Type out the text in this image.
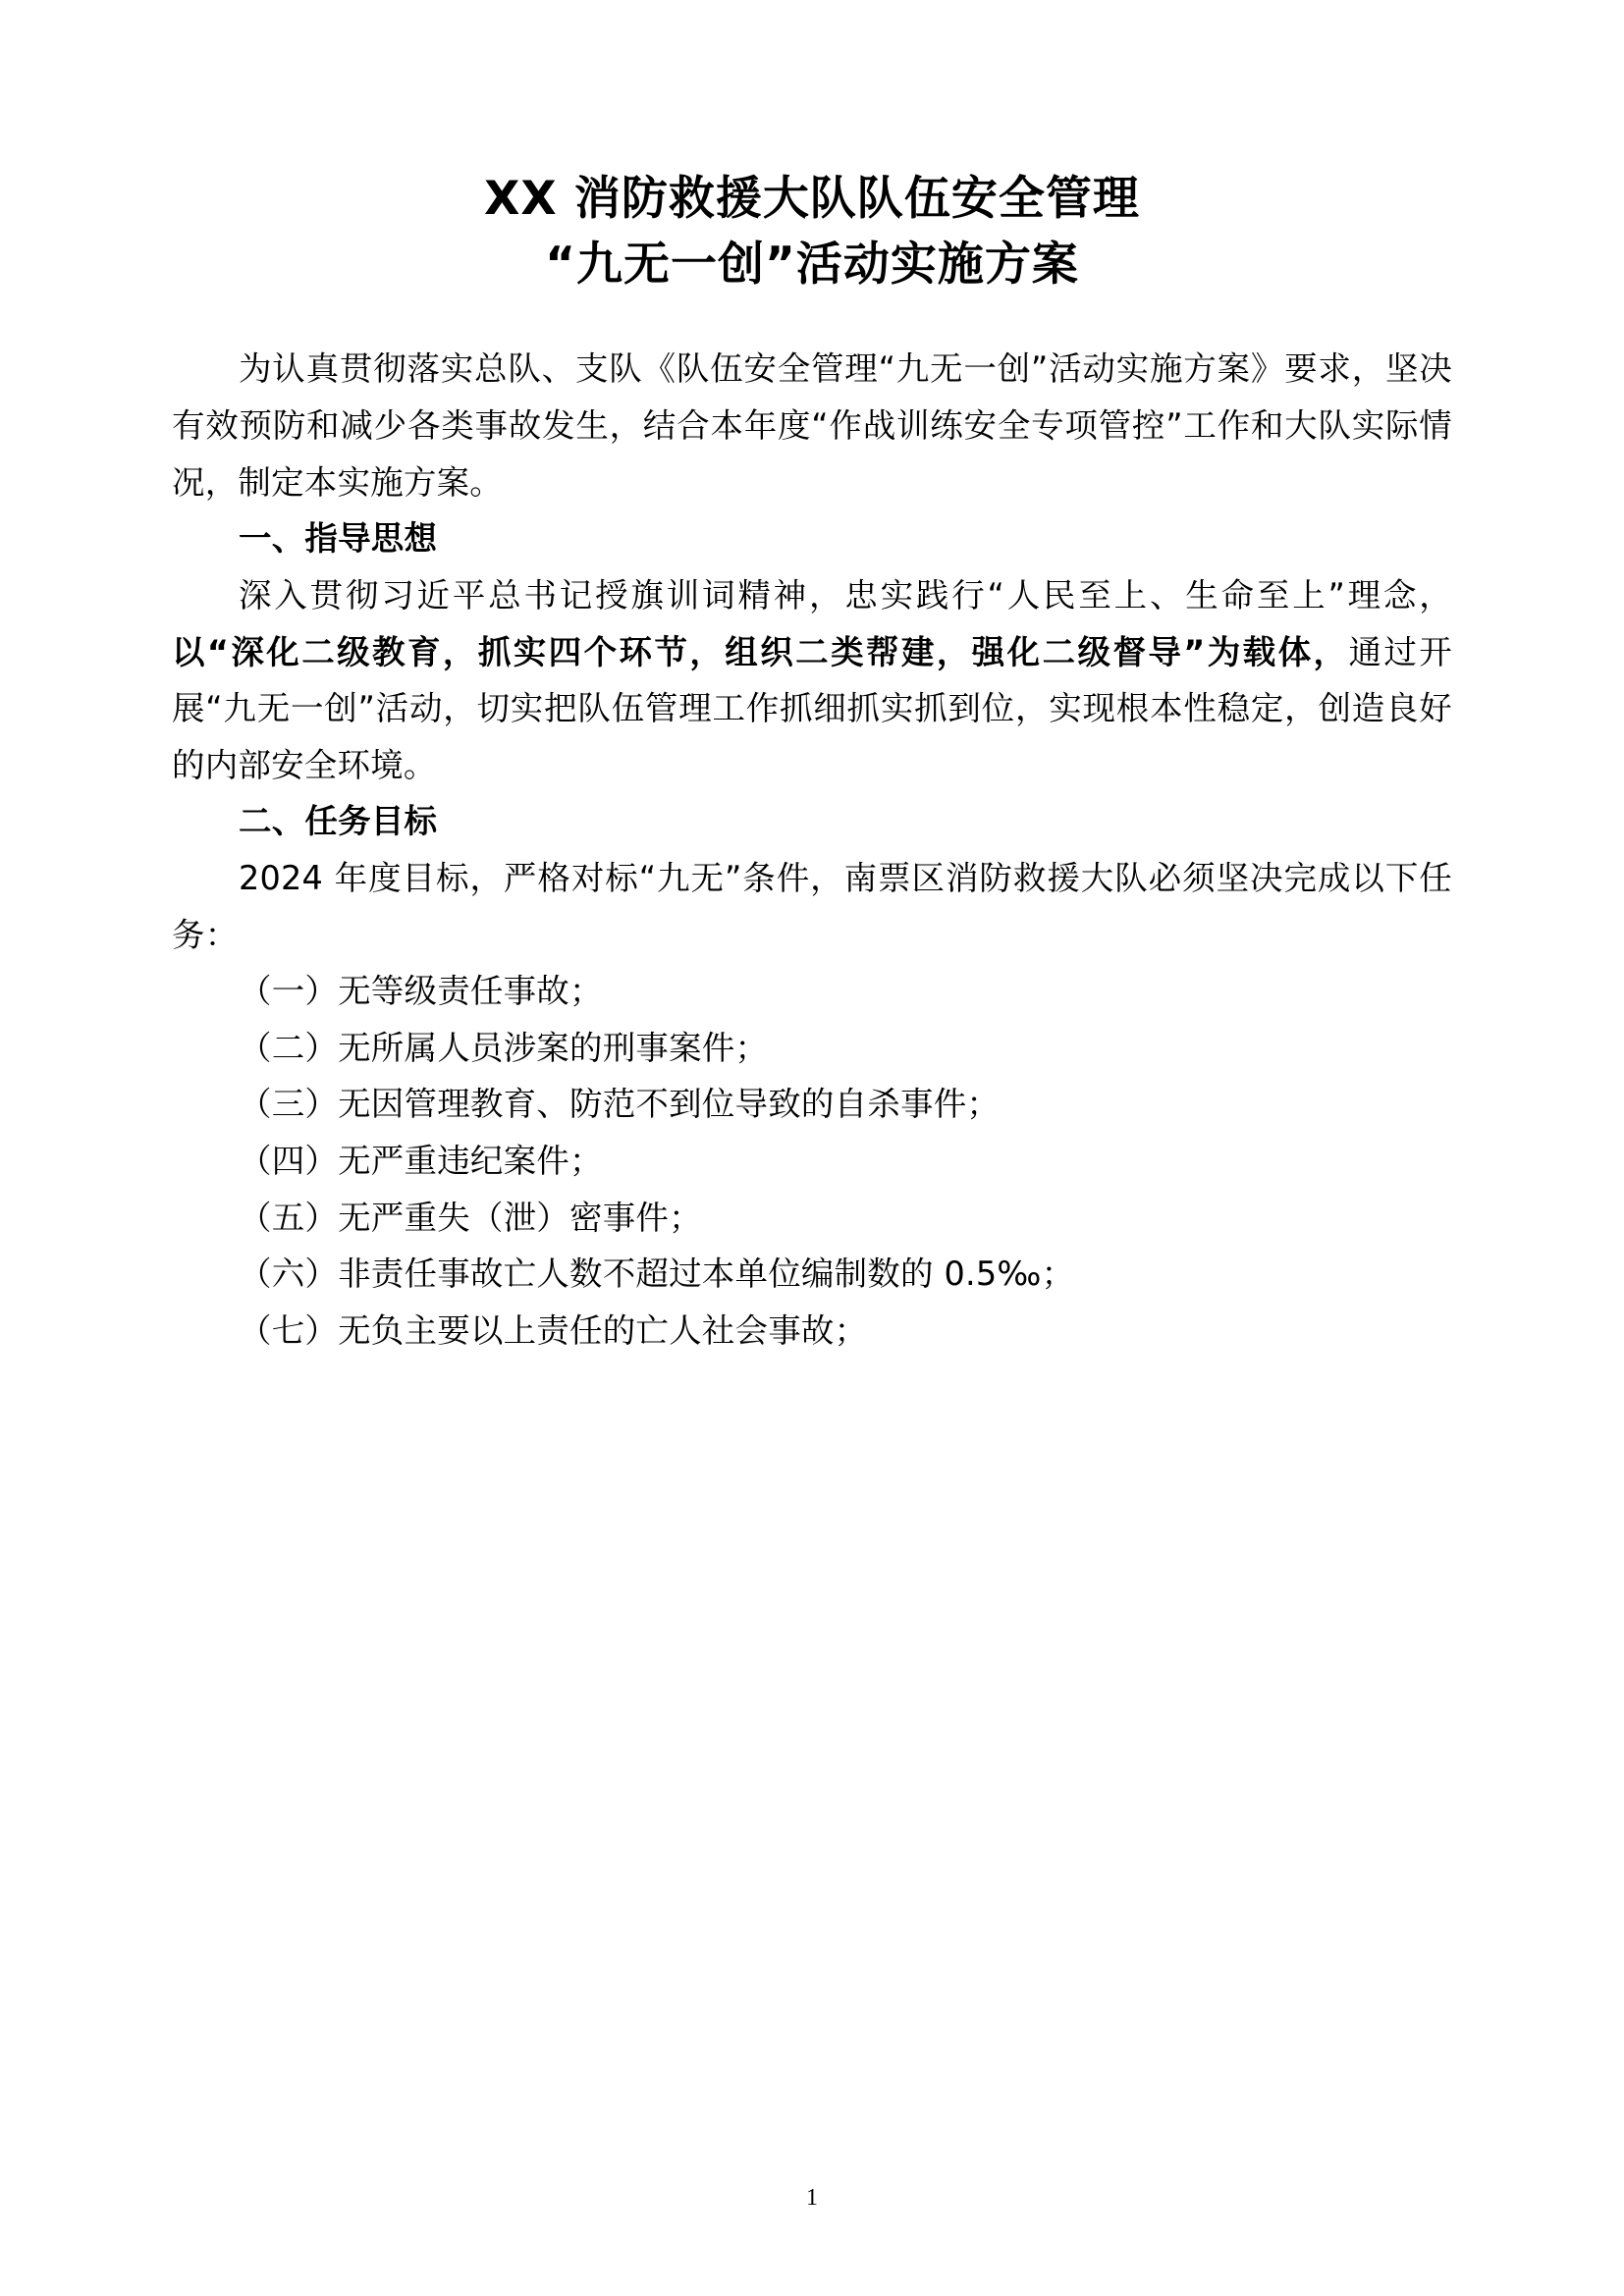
XX 消防救援大队队伍安全管理
“九无一创”活动实施方案

为认真贯彻落实总队、支队《队伍安全管理“九无一创”活动实施方案》要求，坚决有效预防和减少各类事故发生，结合本年度“作战训练安全专项管控”工作和大队实际情况，制定本实施方案。

一、指导思想

深入贯彻习近平总书记授旗训词精神，忠实践行“人民至上、生命至上”理念，以“深化二级教育，抓实四个环节，组织二类帮建，强化二级督导”为载体，通过开展“九无一创”活动，切实把队伍管理工作抓细抓实抓到位，实现根本性稳定，创造良好的内部安全环境。

二、任务目标

2024 年度目标，严格对标“九无”条件，南票区消防救援大队必须坚决完成以下任务：

（一）无等级责任事故；

（二）无所属人员涉案的刑事案件；

（三）无因管理教育、防范不到位导致的自杀事件；

（四）无严重违纪案件；

（五）无严重失（泄）密事件；

（六）非责任事故亡人数不超过本单位编制数的 0.5‰；

（七）无负主要以上责任的亡人社会事故；

1
